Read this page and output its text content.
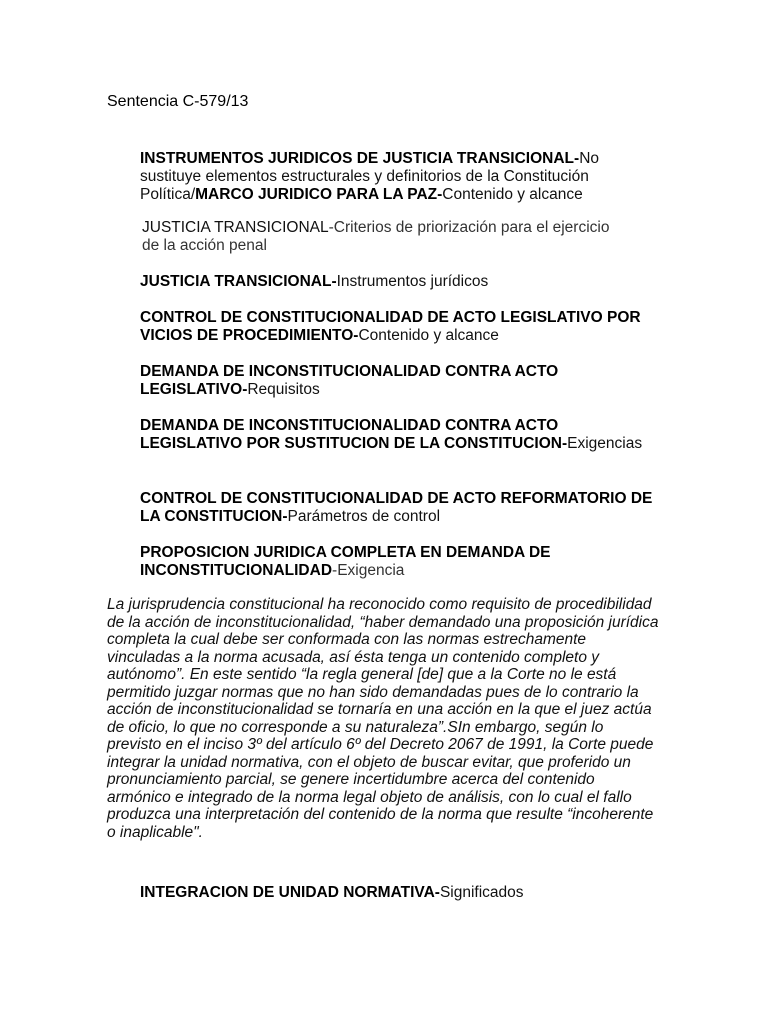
Sentencia C-579/13

INSTRUMENTOS JURIDICOS DE JUSTICIA TRANSICIONAL-No sustituye elementos estructurales y definitorios de la Constitución Política/MARCO JURIDICO PARA LA PAZ-Contenido y alcance

JUSTICIA TRANSICIONAL-Criterios de priorización para el ejercicio de la acción penal

JUSTICIA TRANSICIONAL-Instrumentos jurídicos

CONTROL DE CONSTITUCIONALIDAD DE ACTO LEGISLATIVO POR VICIOS DE PROCEDIMIENTO-Contenido y alcance

DEMANDA DE INCONSTITUCIONALIDAD CONTRA ACTO LEGISLATIVO-Requisitos

DEMANDA DE INCONSTITUCIONALIDAD CONTRA ACTO LEGISLATIVO POR SUSTITUCION DE LA CONSTITUCION-Exigencias

CONTROL DE CONSTITUCIONALIDAD DE ACTO REFORMATORIO DE LA CONSTITUCION-Parámetros de control

PROPOSICION JURIDICA COMPLETA EN DEMANDA DE INCONSTITUCIONALIDAD-Exigencia

La jurisprudencia constitucional ha reconocido como requisito de procedibilidad de la acción de inconstitucionalidad, “haber demandado una proposición jurídica completa la cual debe ser conformada con las normas estrechamente vinculadas a la norma acusada, así ésta tenga un contenido completo y autónomo”. En este sentido “la regla general [de] que a la Corte no le está permitido juzgar normas que no han sido demandadas pues de lo contrario la acción de inconstitucionalidad se tornaría en una acción en la que el juez actúa de oficio, lo que no corresponde a su naturaleza”.SIn embargo, según lo previsto en el inciso 3º del artículo 6º del Decreto 2067 de 1991, la Corte puede integrar la unidad normativa, con el objeto de buscar evitar, que proferido un pronunciamiento parcial, se genere incertidumbre acerca del contenido armónico e integrado de la norma legal objeto de análisis, con lo cual el fallo produzca una interpretación del contenido de la norma que resulte “incoherente o inaplicable".

INTEGRACION DE UNIDAD NORMATIVA-Significados
